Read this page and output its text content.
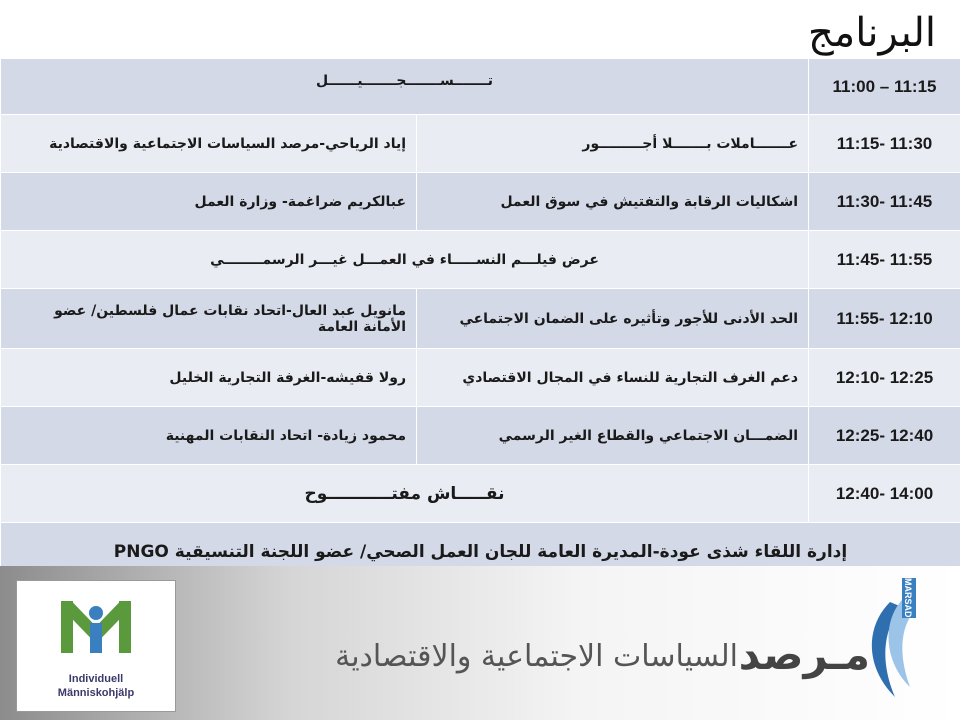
البرنامج
11:00 – 11:15	تـــــــســـــــجـــــــيــــــل	
11:15- 11:30	عـــــــاملات بـــــــلا أجـــــــــور	إياد الرياحي-مرصد السياسات الاجتماعية والاقتصادية
11:30- 11:45	اشكاليات الرقابة والتفتيش في سوق العمل	عبالكريم ضراغمة- وزارة العمل
11:45- 11:55	عرض فيلـــم النســـــاء في العمـــل غيـــر الرسمــــــــي	
11:55- 12:10	الحد الأدنى للأجور وتأثيره على الضمان الاجتماعي	مانويل عبد العال-اتحاد نقابات عمال فلسطين/ عضو الأمانة العامة
12:10- 12:25	دعم الغرف التجارية للنساء في المجال الاقتصادي	رولا قفيشه-الغرفة التجارية الخليل
12:25- 12:40	الضمـــان الاجتماعي والقطاع الغير الرسمي	محمود زيادة- اتحاد النقابات المهنية
12:40- 14:00	نقـــــاش مفتـــــــــــوح	
إدارة اللقاء شذى عودة-المديرة العامة للجان العمل الصحي/ عضو اللجنة التنسيقية PNGO		
Individuell
Människohjälp
السياسات الاجتماعية والاقتصادية مـرصد
MARSAD
